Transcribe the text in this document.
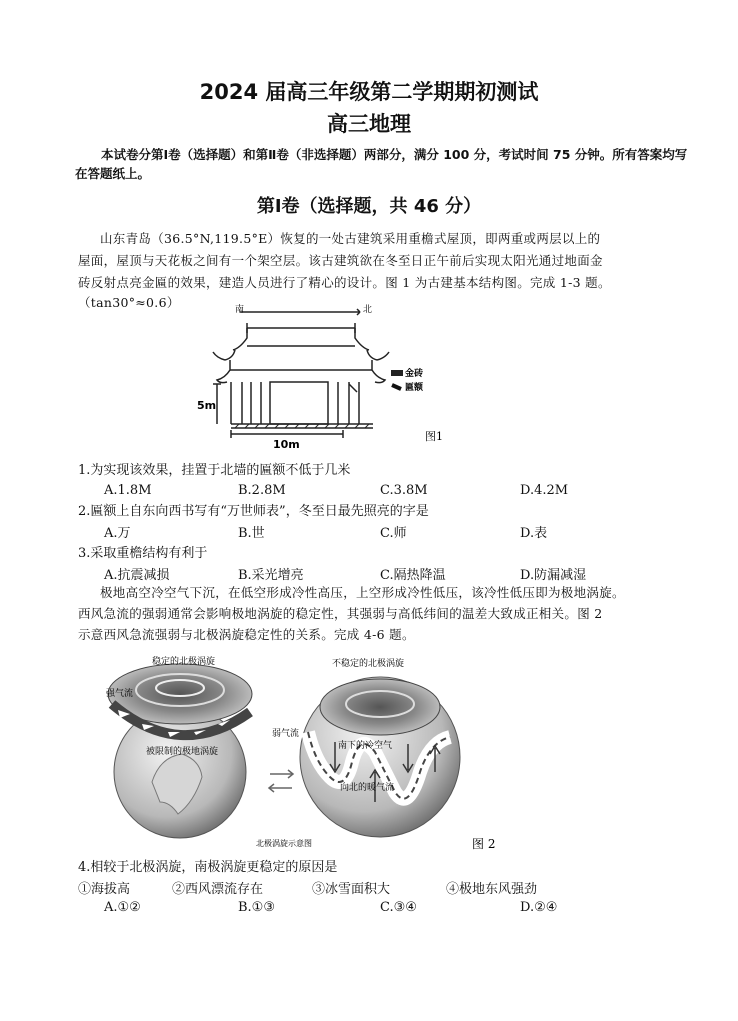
2024 届高三年级第二学期期初测试
高三地理
本试卷分第Ⅰ卷（选择题）和第Ⅱ卷（非选择题）两部分，满分 100 分，考试时间 75 分钟。所有答案均写在答题纸上。
第Ⅰ卷（选择题，共 46 分）
山东青岛（36.5°N,119.5°E）恢复的一处古建筑采用重檐式屋顶，即两重或两层以上的
屋面，屋顶与天花板之间有一个架空层。该古建筑欲在冬至日正午前后实现太阳光通过地面金
砖反射点亮金匾的效果，建造人员进行了精心的设计。图 1 为古建基本结构图。完成 1-3 题。
（tan30°≈0.6）	南	北
金砖
匾额
5m
10m
图1
1.为实现该效果，挂置于北墙的匾额不低于几米
A.1.8M	B.2.8M	C.3.8M	D.4.2M
2.匾额上自东向西书写有“万世师表”，冬至日最先照亮的字是
A.万	B.世	C.师	D.表
3.采取重檐结构有利于
A.抗震减损	B.采光增亮	C.隔热降温	D.防漏减湿
极地高空冷空气下沉，在低空形成冷性高压，上空形成冷性低压，该冷性低压即为极地涡旋。
西风急流的强弱通常会影响极地涡旋的稳定性，其强弱与高低纬间的温差大致成正相关。图 2
示意西风急流强弱与北极涡旋稳定性的关系。完成 4-6 题。
稳定的北极涡旋	不稳定的北极涡旋
强气流
弱气流
被限制的极地涡旋
南下的冷空气
向北的暖气流
北极涡旋示意图	图 2
4.相较于北极涡旋，南极涡旋更稳定的原因是
①海拔高	②西风漂流存在	③冰雪面积大	④极地东风强劲
A.①②	B.①③	C.③④	D.②④
